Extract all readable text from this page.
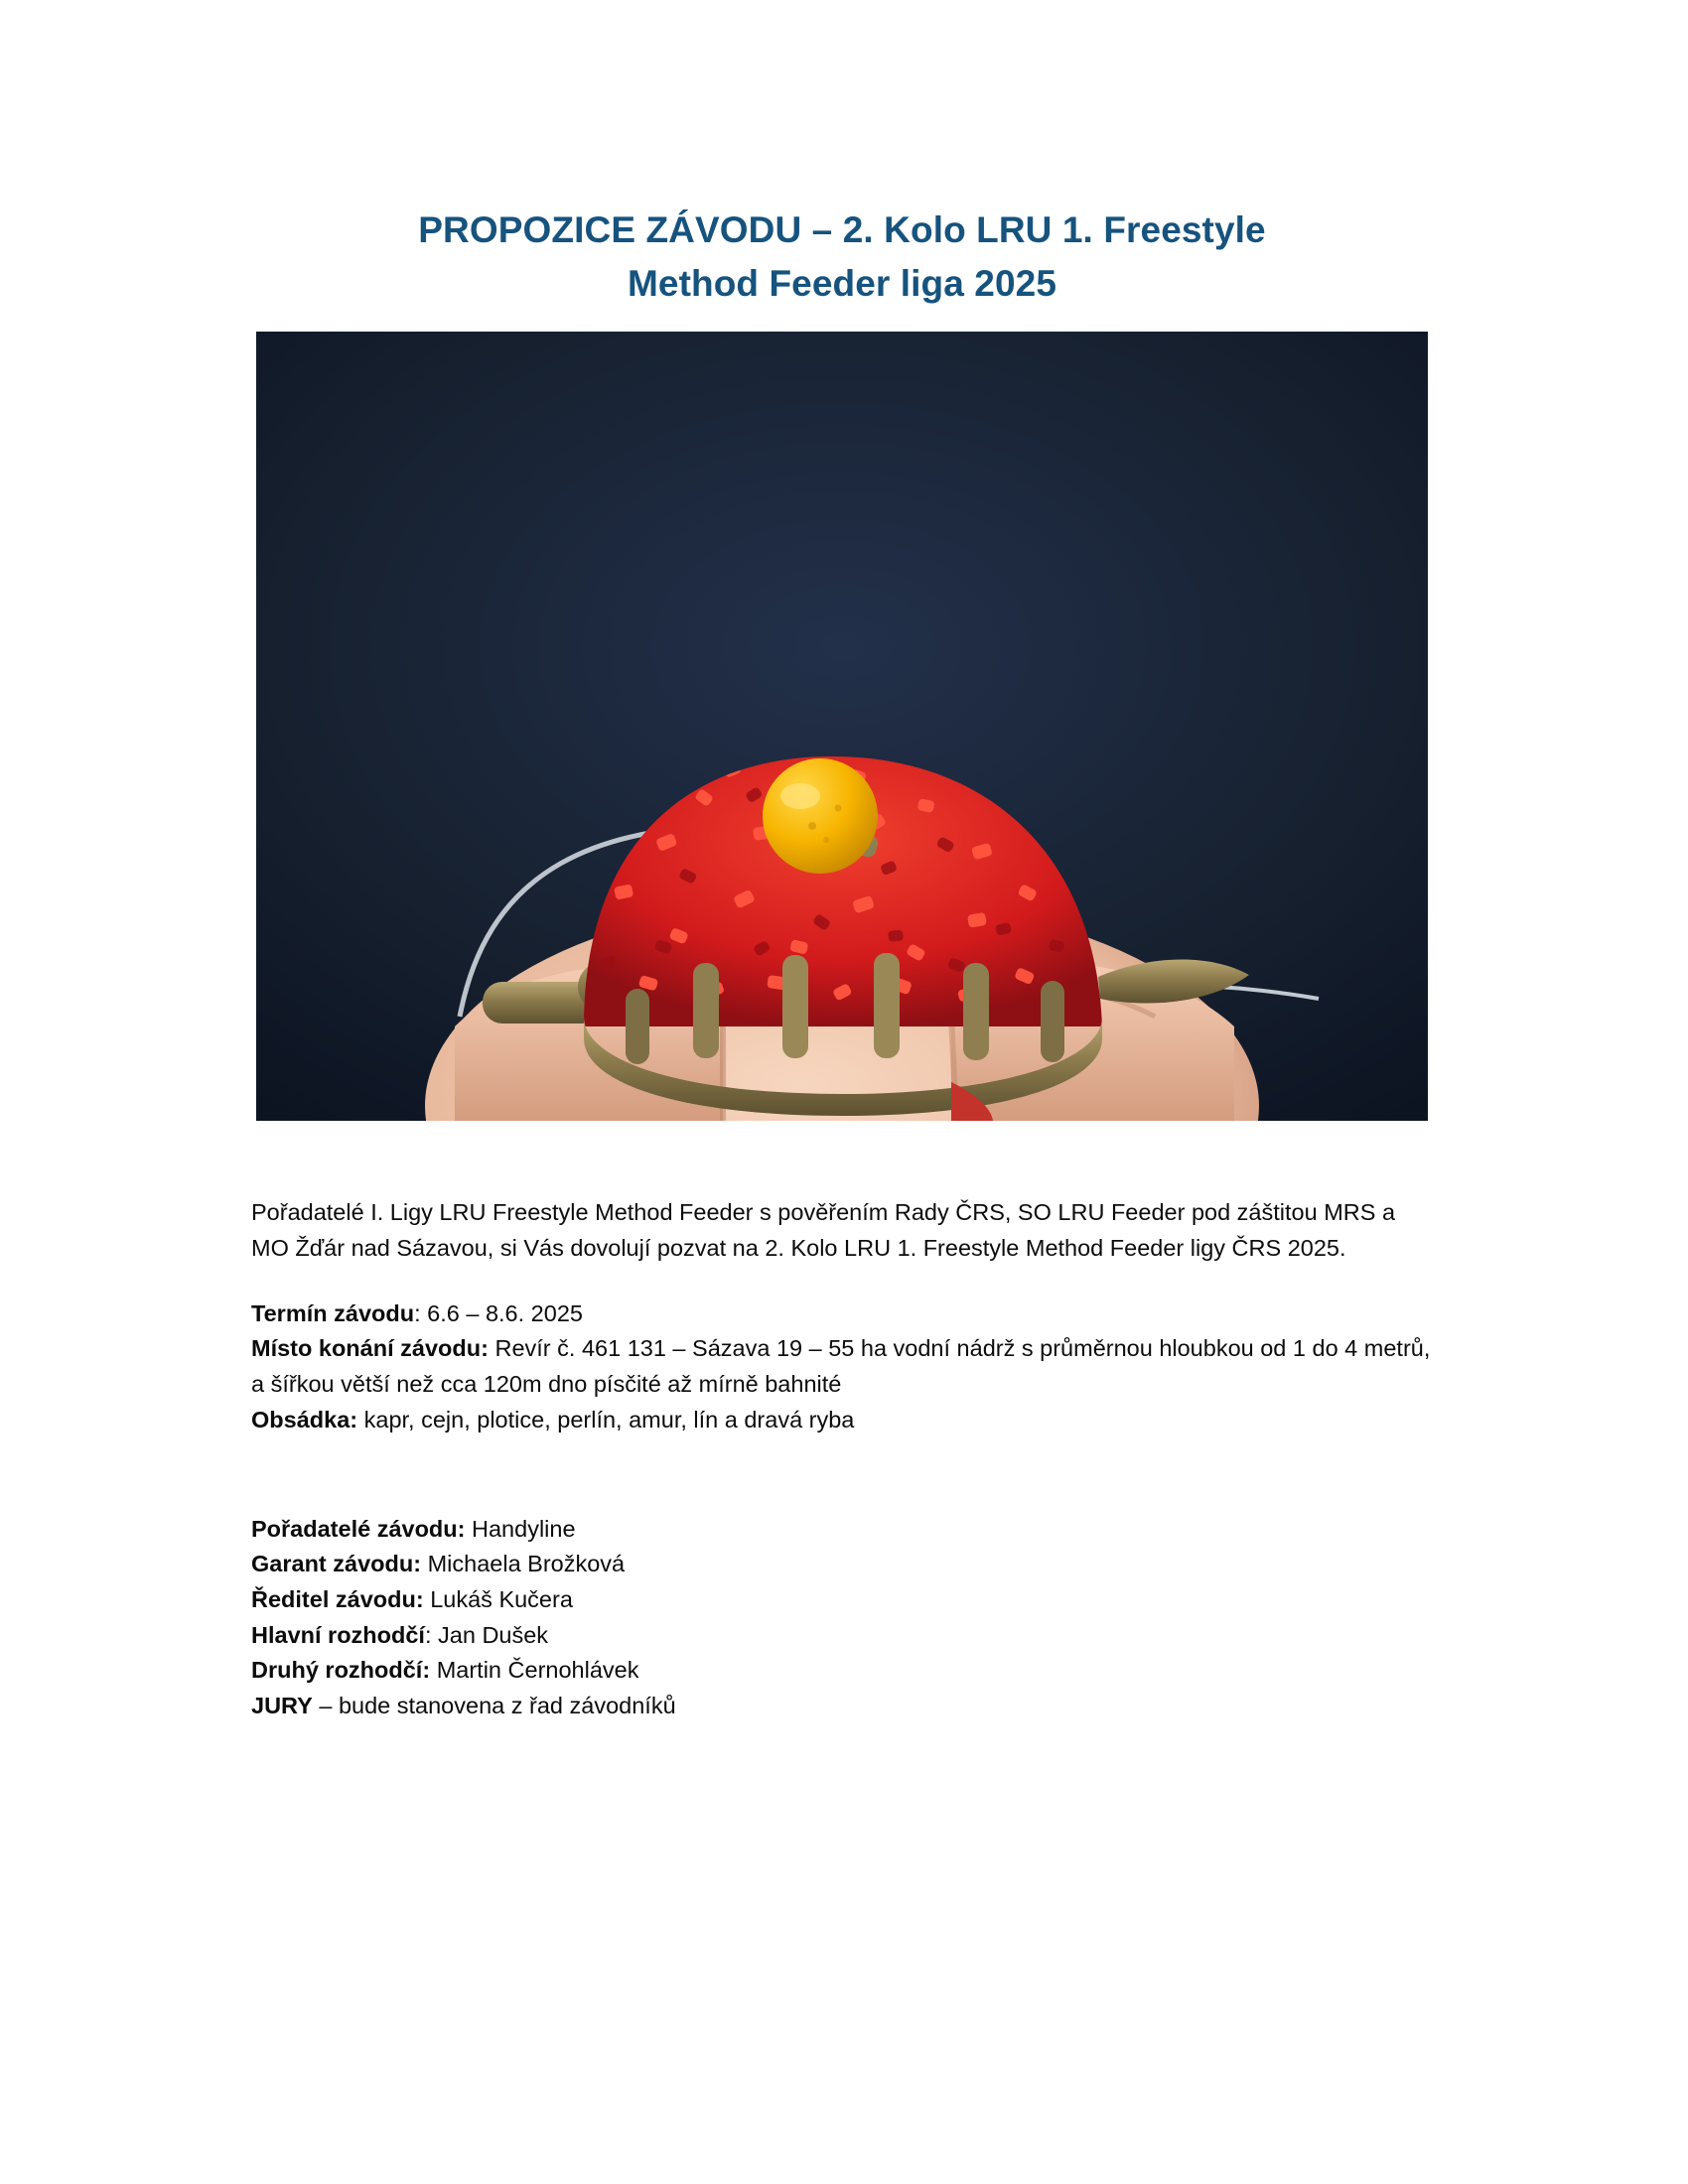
PROPOZICE ZÁVODU – 2. Kolo LRU 1. Freestyle
Method Feeder liga 2025

Pořadatelé I. Ligy LRU Freestyle Method Feeder s pověřením Rady ČRS, SO LRU Feeder pod záštitou MRS a MO Žďár nad Sázavou, si Vás dovolují pozvat na 2. Kolo LRU 1. Freestyle Method Feeder ligy ČRS 2025.

Termín závodu: 6.6 – 8.6. 2025
Místo konání závodu: Revír č. 461 131 – Sázava 19 – 55 ha vodní nádrž s průměrnou hloubkou od 1 do 4 metrů, a šířkou větší než cca 120m dno písčité až mírně bahnité
Obsádka: kapr, cejn, plotice, perlín, amur, lín a dravá ryba
Pořadatelé závodu: Handyline
Garant závodu: Michaela Brožková
Ředitel závodu: Lukáš Kučera
Hlavní rozhodčí: Jan Dušek
Druhý rozhodčí: Martin Černohlávek
JURY – bude stanovena z řad závodníků
